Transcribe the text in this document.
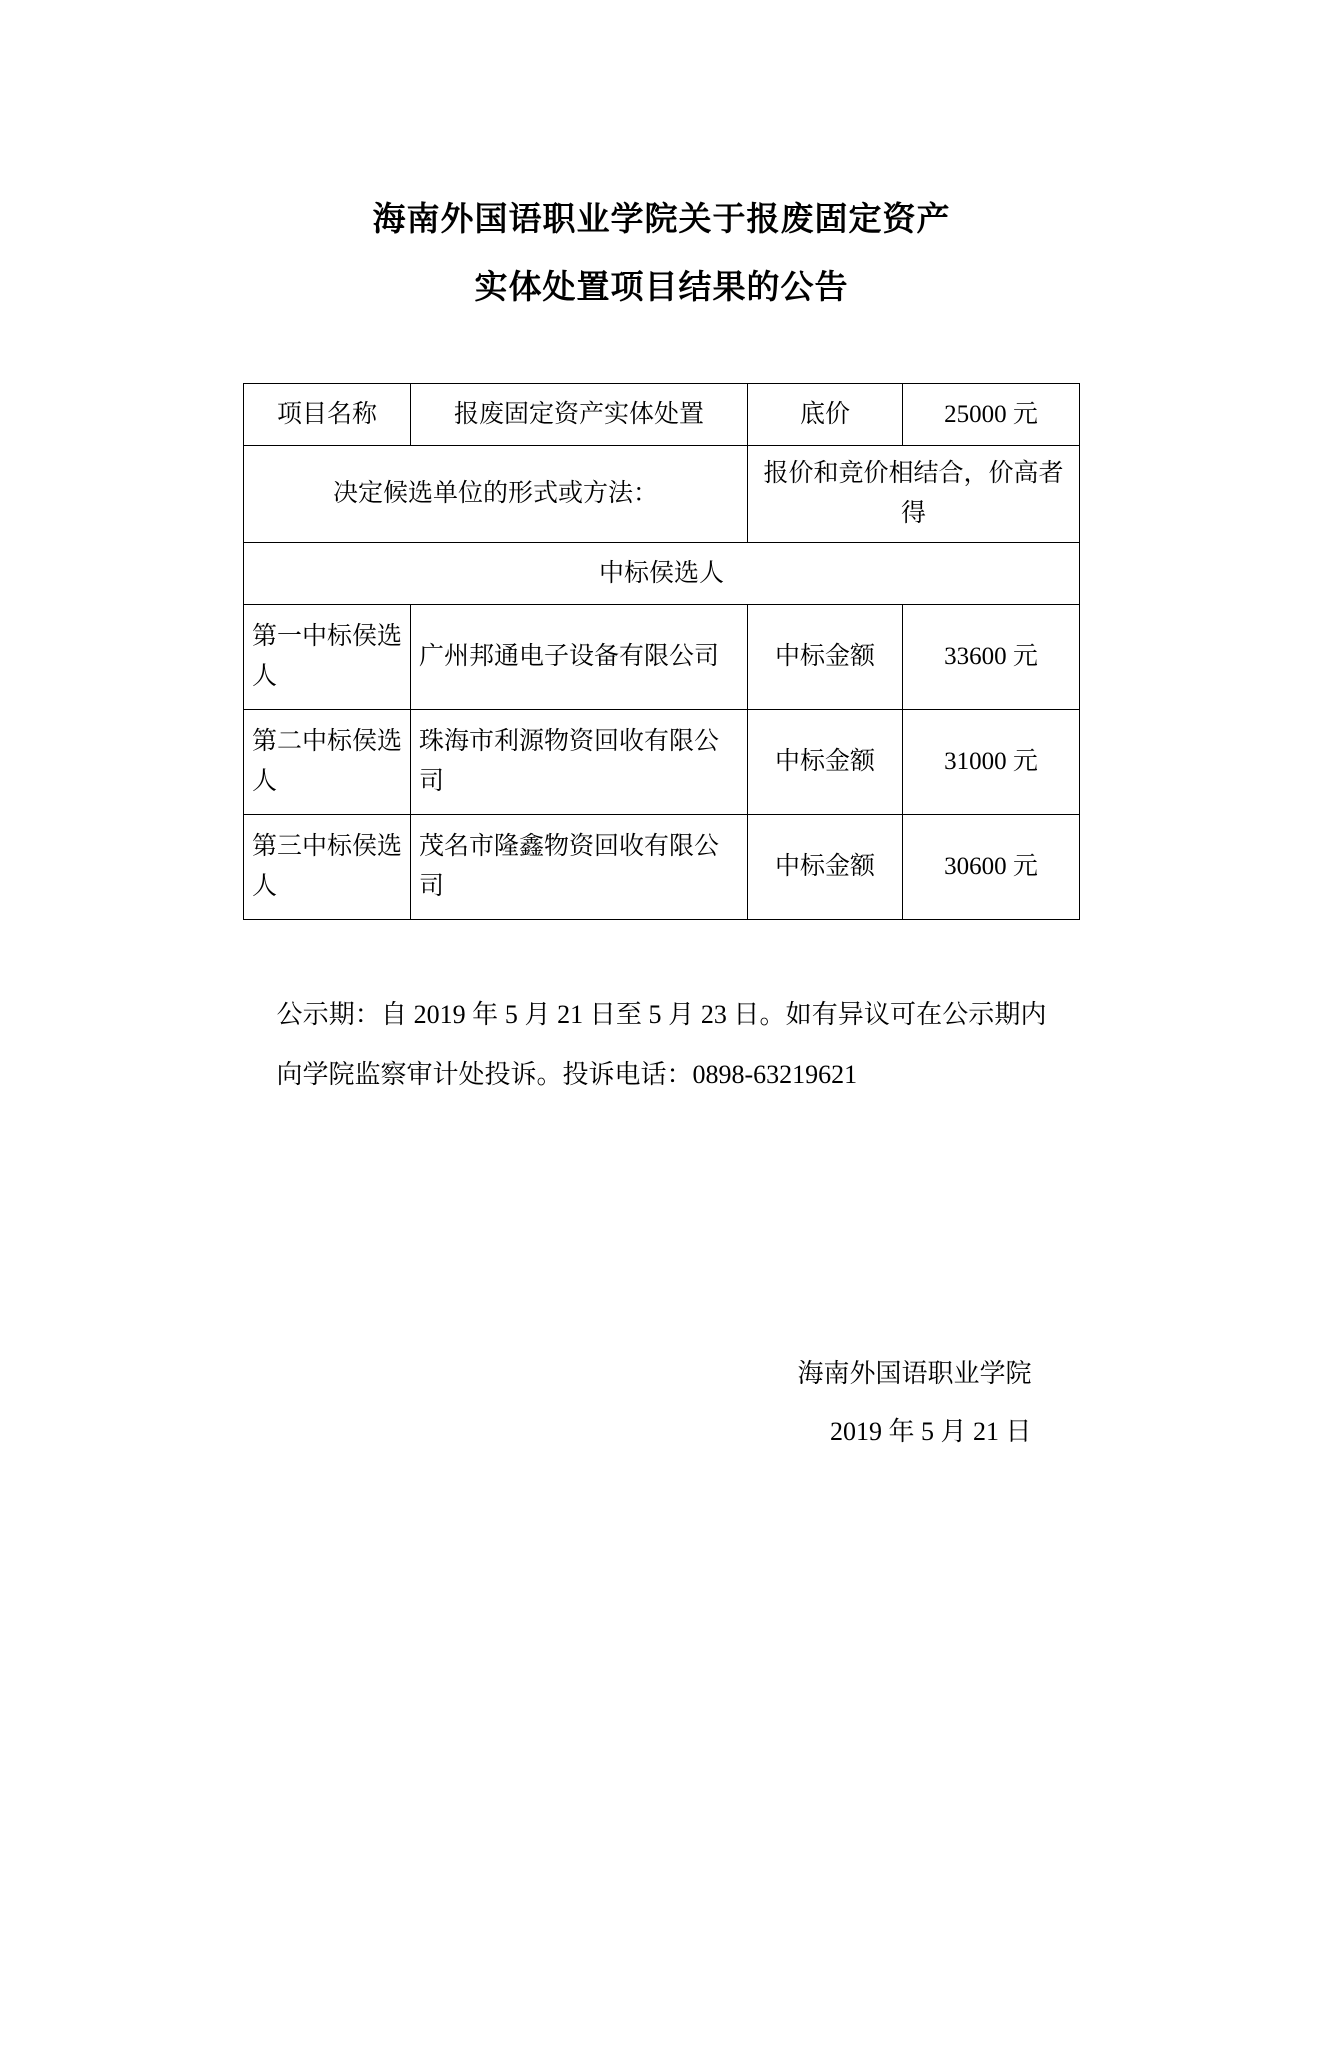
海南外国语职业学院关于报废固定资产
实体处置项目结果的公告
项目名称	报废固定资产实体处置	底价	25000 元
决定候选单位的形式或方法：		报价和竞价相结合，价高者得	
中标侯选人			
第一中标侯选人	广州邦通电子设备有限公司	中标金额	33600 元
第二中标侯选人	珠海市利源物资回收有限公司	中标金额	31000 元
第三中标侯选人	茂名市隆鑫物资回收有限公司	中标金额	30600 元
公示期：自 2019 年 5 月 21 日至 5 月 23 日。如有异议可在公示期内向学院监察审计处投诉。投诉电话：0898-63219621
海南外国语职业学院
2019 年 5 月 21 日
